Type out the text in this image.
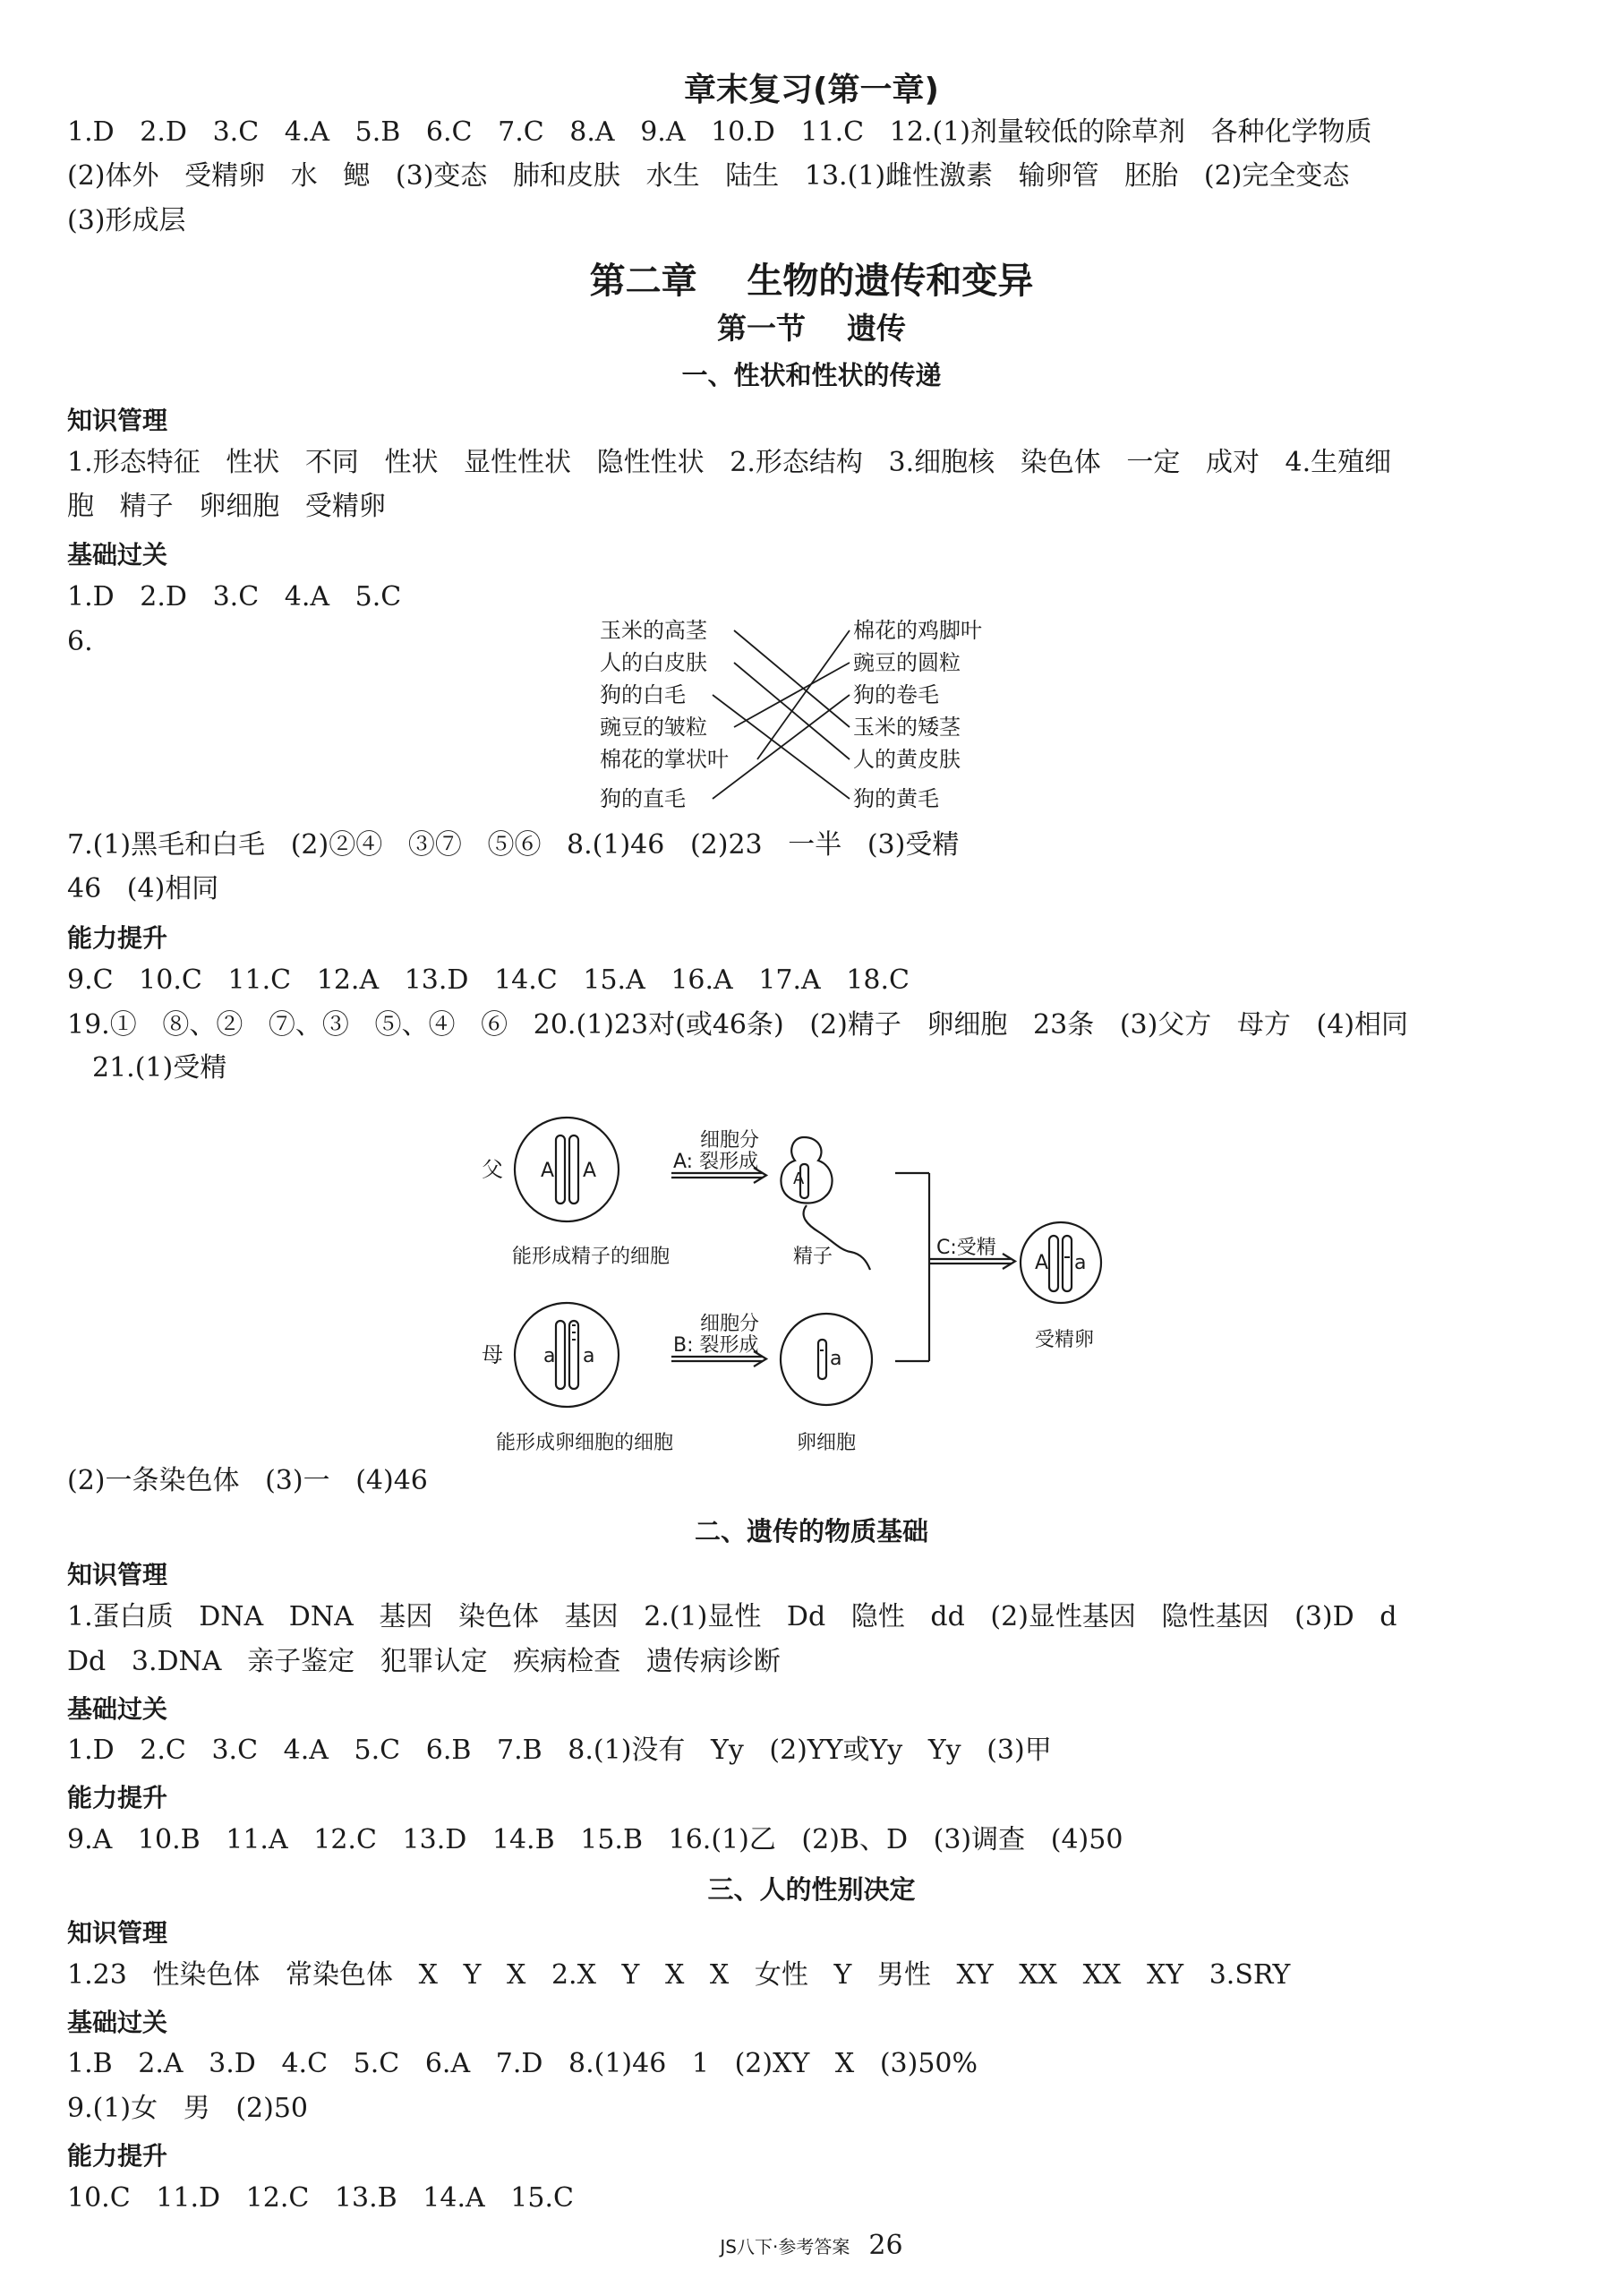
章末复习(第一章)
1.D   2.D   3.C   4.A   5.B   6.C   7.C   8.A   9.A   10.D   11.C   12.(1)剂量较低的除草剂   各种化学物质
(2)体外   受精卵   水   鳃   (3)变态   肺和皮肤   水生   陆生   13.(1)雌性激素   输卵管   胚胎   (2)完全变态
(3)形成层
第二章    生物的遗传和变异
第一节    遗传
一、性状和性状的传递
知识管理
1.形态特征   性状   不同   性状   显性性状   隐性性状   2.形态结构   3.细胞核   染色体   一定   成对   4.生殖细
胞   精子   卵细胞   受精卵
基础过关
1.D   2.D   3.C   4.A   5.C
6.	玉米的高茎
人的白皮肤
狗的白毛
豌豆的皱粒
棉花的掌状叶
狗的直毛
棉花的鸡脚叶
豌豆的圆粒
狗的卷毛
玉米的矮茎
人的黄皮肤
狗的黄毛
7.(1)黑毛和白毛   (2)②④   ③⑦   ⑤⑥   8.(1)46   (2)23   一半   (3)受精
46   (4)相同
能力提升
9.C   10.C   11.C   12.A   13.D   14.C   15.A   16.A   17.A   18.C
19.①   ⑧、②   ⑦、③   ⑤、④   ⑥   20.(1)23对(或46条)   (2)精子   卵细胞   23条   (3)父方   母方   (4)相同
21.(1)受精
父
母
A A
a a
A
a
A a
细胞分
A: 裂形成
细胞分
B: 裂形成
C:受精
能形成精子的细胞
能形成卵细胞的细胞
精子
卵细胞
受精卵
(2)一条染色体   (3)一   (4)46
二、遗传的物质基础
知识管理
1.蛋白质   DNA   DNA   基因   染色体   基因   2.(1)显性   Dd   隐性   dd   (2)显性基因   隐性基因   (3)D   d
Dd   3.DNA   亲子鉴定   犯罪认定   疾病检查   遗传病诊断
基础过关
1.D   2.C   3.C   4.A   5.C   6.B   7.B   8.(1)没有   Yy   (2)YY或Yy   Yy   (3)甲
能力提升
9.A   10.B   11.A   12.C   13.D   14.B   15.B   16.(1)乙   (2)B、D   (3)调查   (4)50
三、人的性别决定
知识管理
1.23   性染色体   常染色体   X   Y   X   2.X   Y   X   X   女性   Y   男性   XY   XX   XX   XY   3.SRY
基础过关
1.B   2.A   3.D   4.C   5.C   6.A   7.D   8.(1)46   1   (2)XY   X   (3)50%
9.(1)女   男   (2)50
能力提升
10.C   11.D   12.C   13.B   14.A   15.C
JS八下·参考答案 26
